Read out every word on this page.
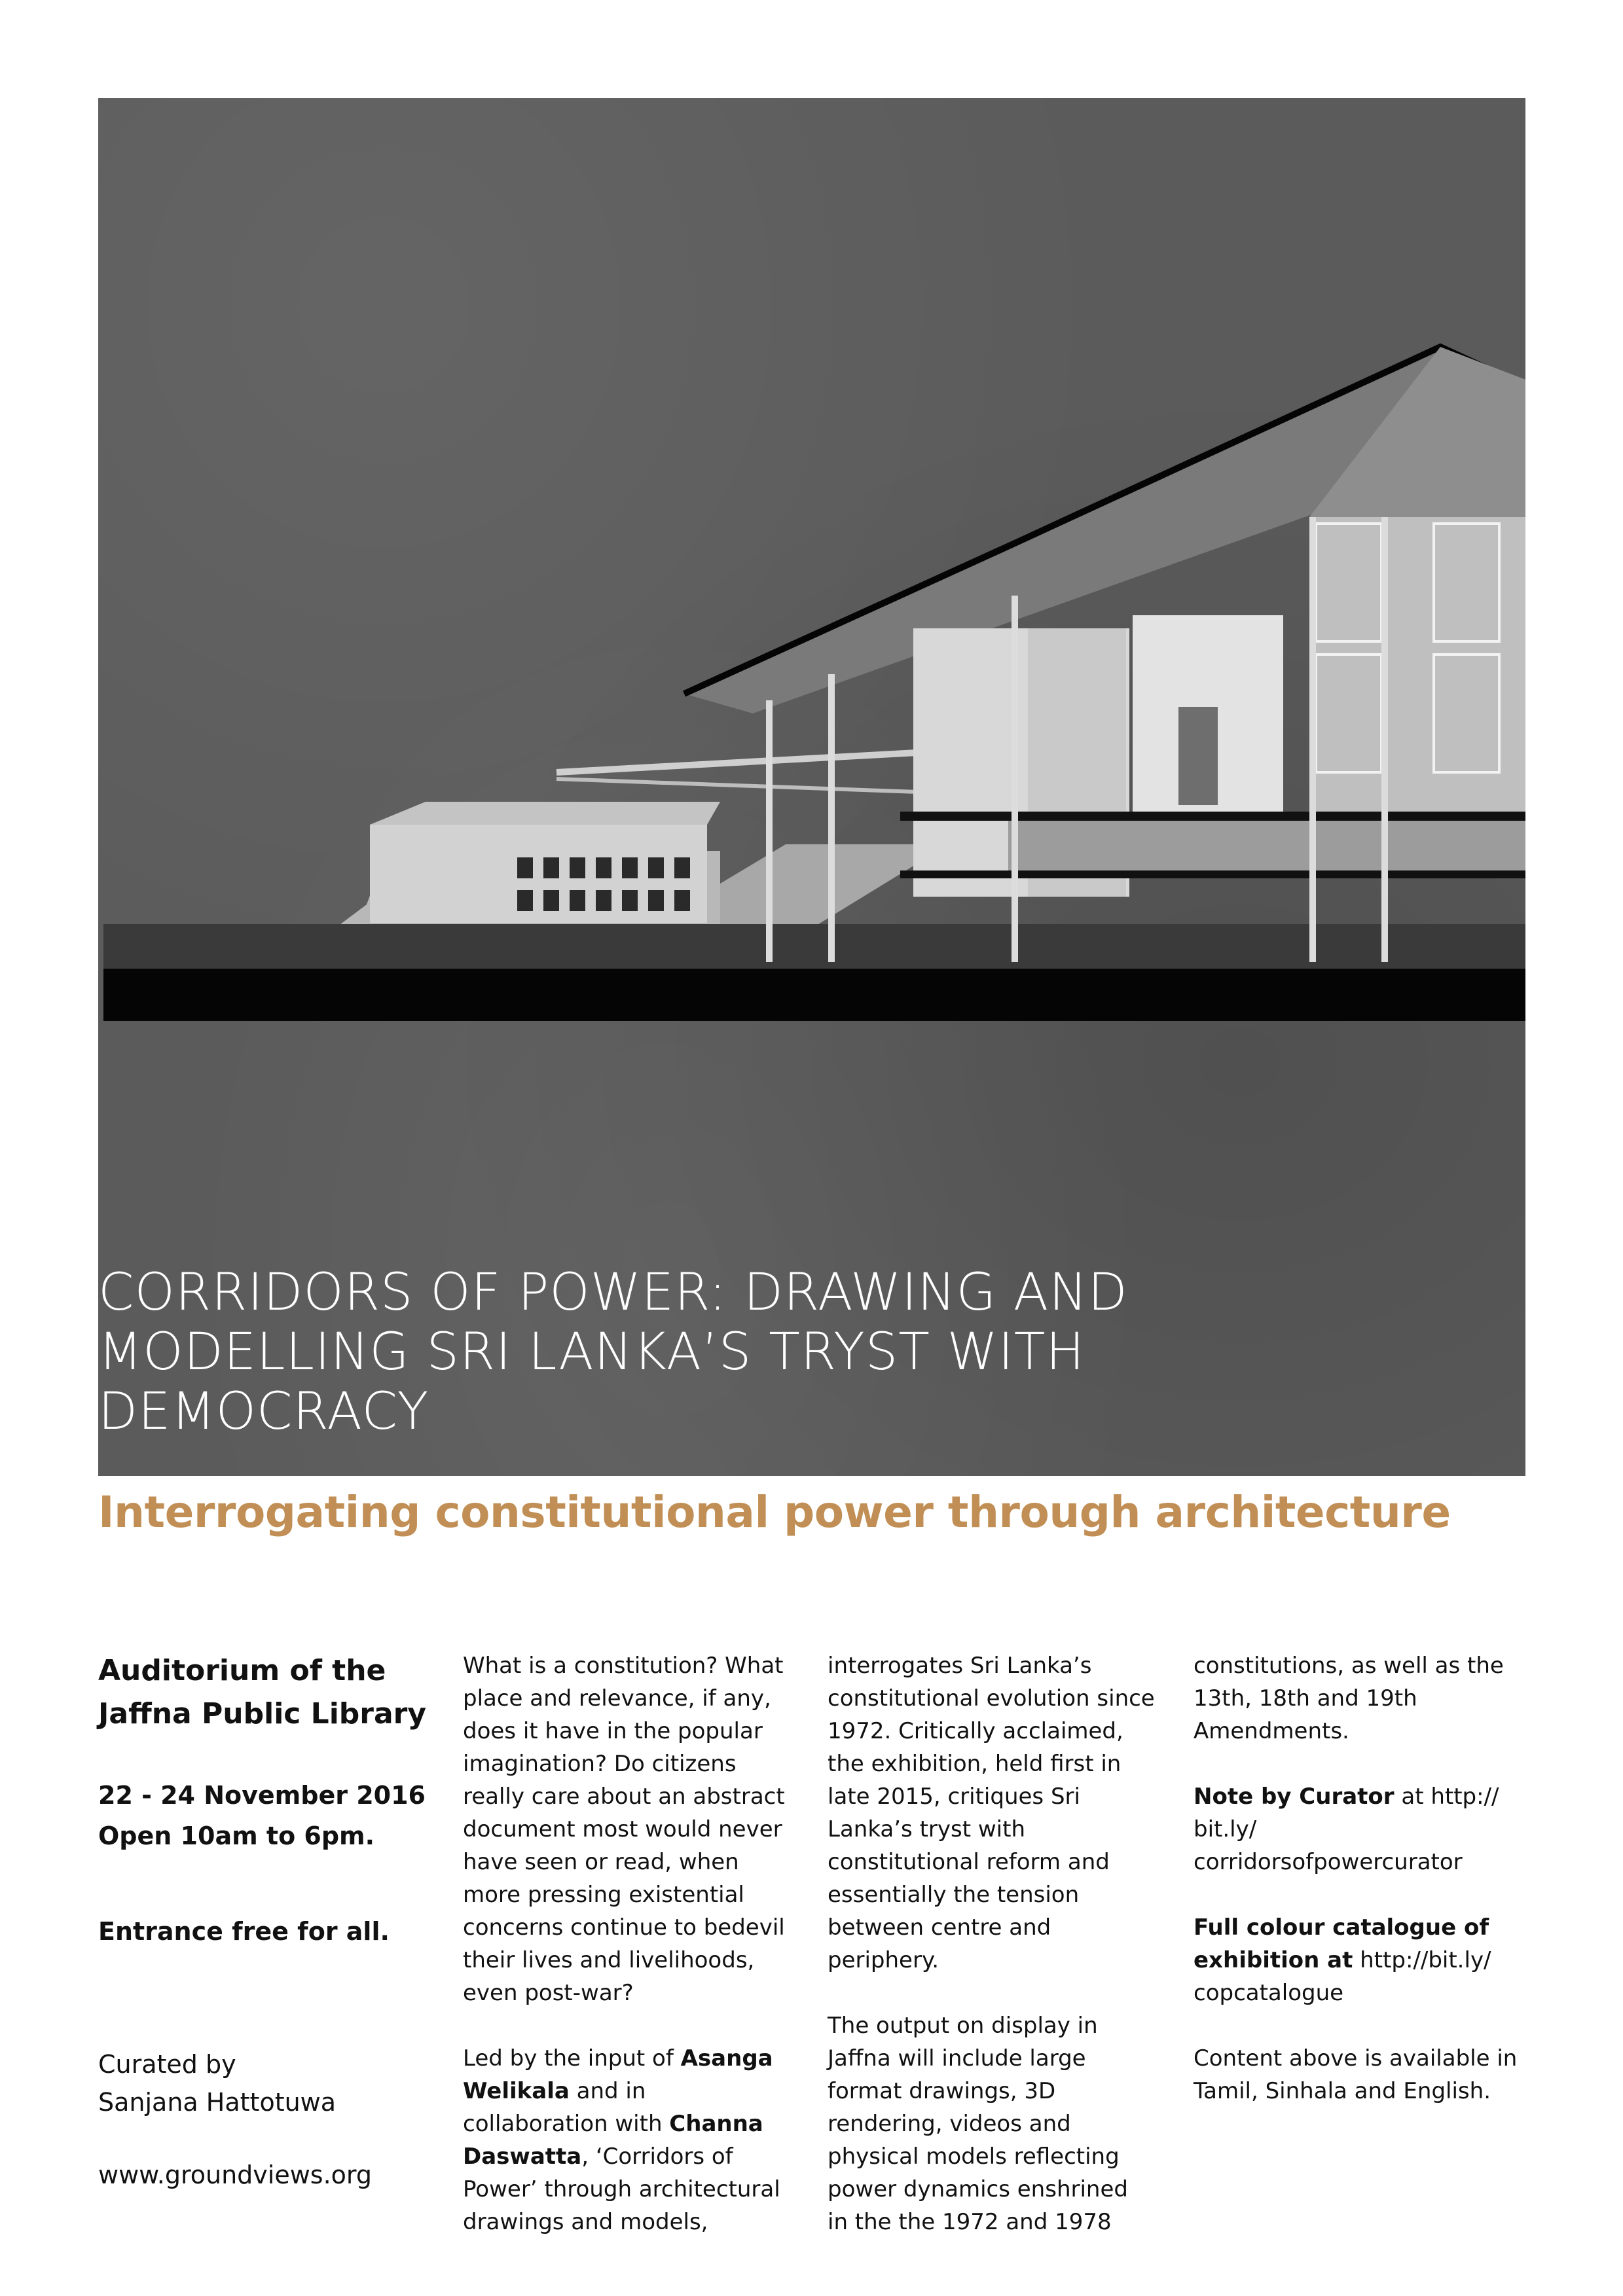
CORRIDORS OF POWER: DRAWING AND
MODELLING SRI LANKA’S TRYST WITH
DEMOCRACY
Interrogating constitutional power through architecture
Auditorium of the
Jaffna Public Library
22 - 24 November 2016
Open 10am to 6pm.

Entrance free for all.

Curated by
Sanjana Hattotuwa

www.groundviews.org

What is a constitution? What
place and relevance, if any,
does it have in the popular
imagination? Do citizens
really care about an abstract
document most would never
have seen or read, when
more pressing existential
concerns continue to bedevil
their lives and livelihoods,
even post-war?

Led by the input of Asanga
Welikala and in
collaboration with Channa
Daswatta, ‘Corridors of
Power’ through architectural
drawings and models,

interrogates Sri Lanka’s
constitutional evolution since
1972. Critically acclaimed,
the exhibition, held first in
late 2015, critiques Sri
Lanka’s tryst with
constitutional reform and
essentially the tension
between centre and
periphery.

The output on display in
Jaffna will include large
format drawings, 3D
rendering, videos and
physical models reflecting
power dynamics enshrined
in the the 1972 and 1978

constitutions, as well as the
13th, 18th and 19th
Amendments.

Note by Curator at http://
bit.ly/
corridorsofpowercurator

Full colour catalogue of
exhibition at http://bit.ly/
copcatalogue

Content above is available in
Tamil, Sinhala and English.
